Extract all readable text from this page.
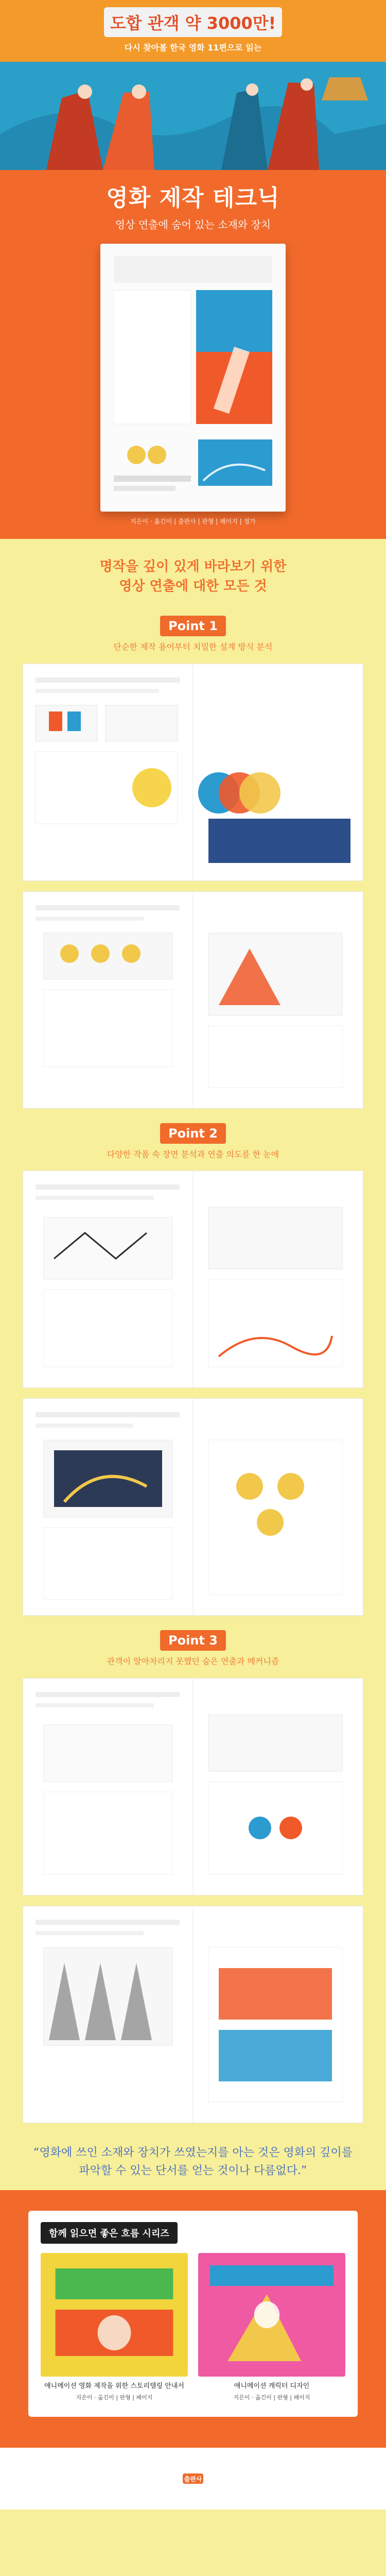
도합 관객 약 3000만!
다시 찾아볼 한국 영화 11편으로 읽는
영화 제작 테크닉
영상 연출에 숨어 있는 소재와 장치
지은이 · 옮긴이 | 출판사 | 판형 | 페이지 | 정가
명작을 깊이 있게 바라보기 위한
영상 연출에 대한 모든 것
Point 1
단순한 제작 용어부터 치밀한 설계 방식 분석
Point 2
다양한 작품 속 장면 분석과 연출 의도를 한 눈에
Point 3
관객이 알아차리지 못했던 숨은 연출과 메커니즘
“영화에 쓰인 소재와 장치가 쓰였는지를 아는 것은 영화의 깊이를 파악할 수 있는 단서를 얻는 것이나 다름없다.”
함께 읽으면 좋은 흐름 시리즈
애니메이션 영화 제작을 위한 스토리텔링 안내서
지은이 · 옮긴이 | 판형 | 페이지
애니메이션 캐릭터 디자인
지은이 · 옮긴이 | 판형 | 페이지
출판사
